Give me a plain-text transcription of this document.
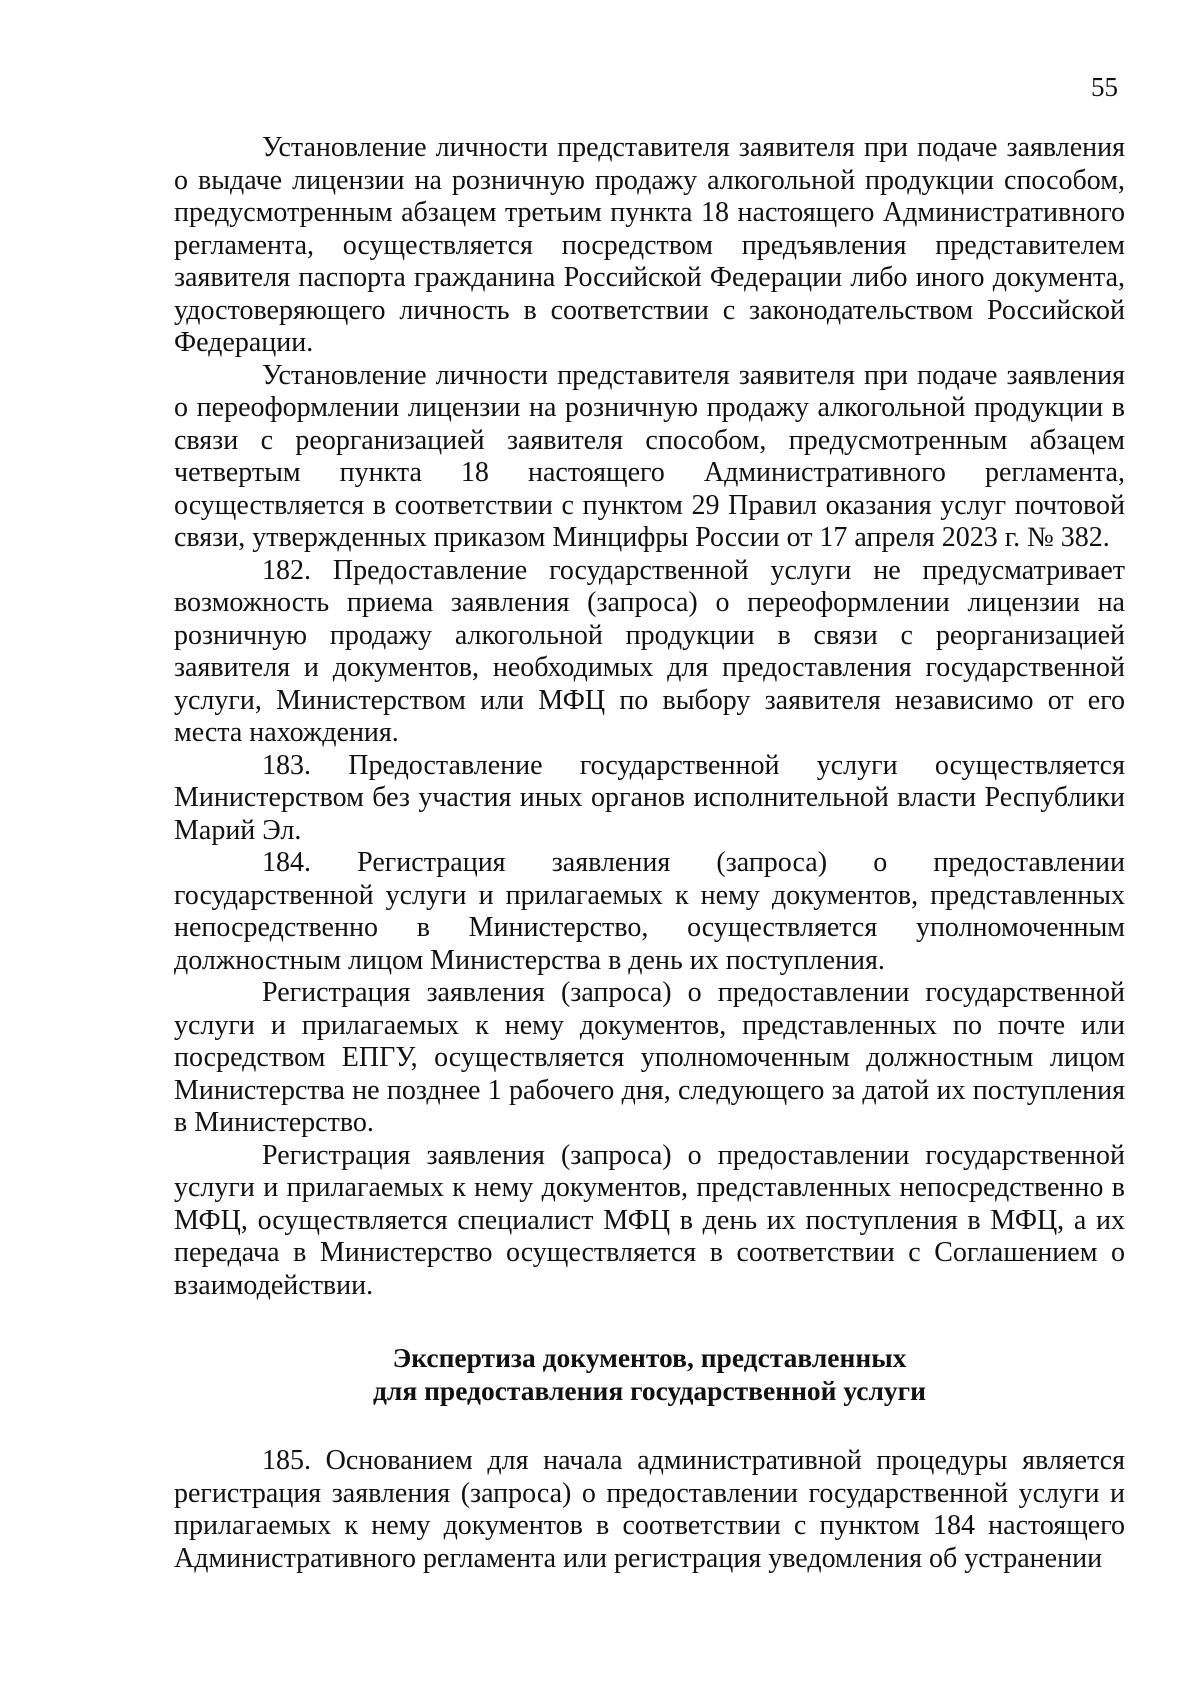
55

Установление личности представителя заявителя при подаче заявления о выдаче лицензии на розничную продажу алкогольной продукции способом, предусмотренным абзацем третьим пункта 18 настоящего Административного регламента, осуществляется посредством предъявления представителем заявителя паспорта гражданина Российской Федерации либо иного документа, удостоверяющего личность в соответствии с законодательством Российской Федерации.

Установление личности представителя заявителя при подаче заявления о переоформлении лицензии на розничную продажу алкогольной продукции в связи с реорганизацией заявителя способом, предусмотренным абзацем четвертым пункта 18 настоящего Административного регламента, осуществляется в соответствии с пунктом 29 Правил оказания услуг почтовой связи, утвержденных приказом Минцифры России от 17 апреля 2023 г. № 382.

182. Предоставление государственной услуги не предусматривает возможность приема заявления (запроса) о переоформлении лицензии на розничную продажу алкогольной продукции в связи с реорганизацией заявителя и документов, необходимых для предоставления государственной услуги, Министерством или МФЦ по выбору заявителя независимо от его места нахождения.

183. Предоставление государственной услуги осуществляется Министерством без участия иных органов исполнительной власти Республики Марий Эл.

184. Регистрация заявления (запроса) о предоставлении государственной услуги и прилагаемых к нему документов, представленных непосредственно в Министерство, осуществляется уполномоченным должностным лицом Министерства в день их поступления.

Регистрация заявления (запроса) о предоставлении государственной услуги и прилагаемых к нему документов, представленных по почте или посредством ЕПГУ, осуществляется уполномоченным должностным лицом Министерства не позднее 1 рабочего дня, следующего за датой их поступления в Министерство.

Регистрация заявления (запроса) о предоставлении государственной услуги и прилагаемых к нему документов, представленных непосредственно в МФЦ, осуществляется специалист МФЦ в день их поступления в МФЦ, а их передача в Министерство осуществляется в соответствии с Соглашением о взаимодействии.

Экспертиза документов, представленных
для предоставления государственной услуги

185. Основанием для начала административной процедуры является регистрация заявления (запроса) о предоставлении государственной услуги и прилагаемых к нему документов в соответствии с пунктом 184 настоящего Административного регламента или регистрация уведомления об устранении
